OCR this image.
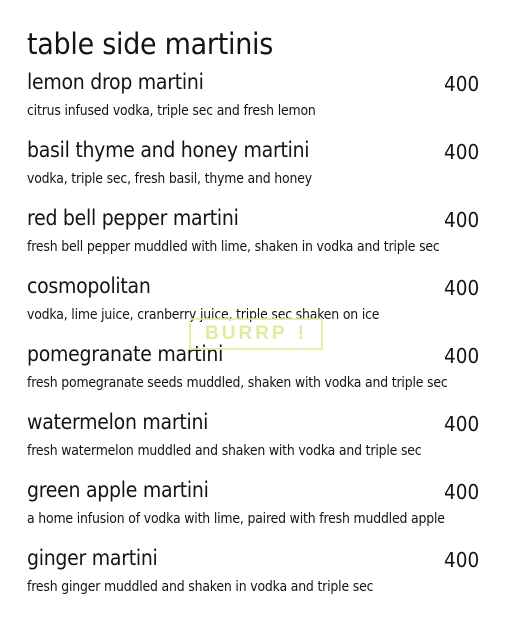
table side martinis
lemon drop martini	400
citrus infused vodka, triple sec and fresh lemon
basil thyme and honey martini	400
vodka, triple sec, fresh basil, thyme and honey
red bell pepper martini	400
fresh bell pepper muddled with lime, shaken in vodka and triple sec
cosmopolitan	400
vodka, lime juice, cranberry juice, triple sec shaken on ice
pomegranate martini	400
fresh pomegranate seeds muddled, shaken with vodka and triple sec
watermelon martini	400
fresh watermelon muddled and shaken with vodka and triple sec
green apple martini	400
a home infusion of vodka with lime, paired with fresh muddled apple
ginger martini	400
fresh ginger muddled and shaken in vodka and triple sec
BURRP !
